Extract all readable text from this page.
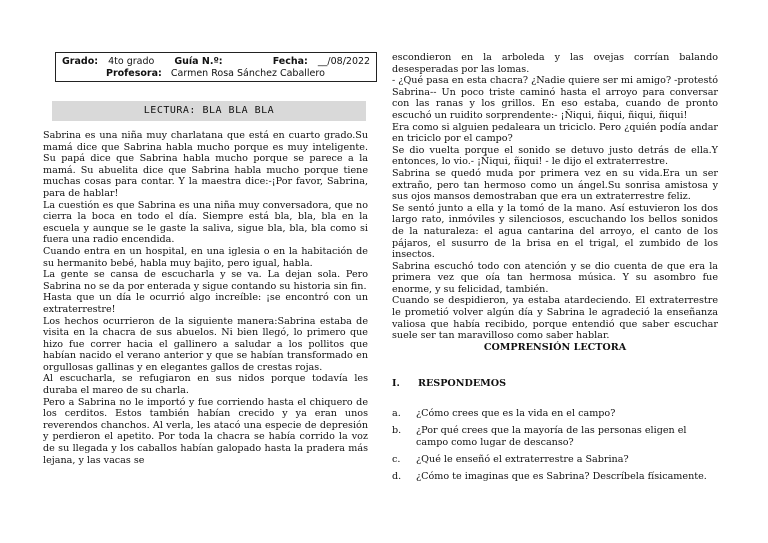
Grado: 4to grado Guía N.º:	Fecha: __/08/2022
Profesora: Carmen Rosa Sánchez Caballero
LECTURA: BLA BLA BLA

Sabrina es una niña muy charlatana que está en cuarto grado.Su mamá dice que Sabrina habla mucho porque es muy inteligente. Su papá dice que Sabrina habla mucho porque se parece a la mamá. Su abuelita dice que Sabrina habla mucho porque tiene muchas cosas para contar. Y la maestra dice:-¡Por favor, Sabrina, para de hablar!

La cuestión es que Sabrina es una niña muy conversadora, que no cierra la boca en todo el día. Siempre está bla, bla, bla en la escuela y aunque se le gaste la saliva, sigue bla, bla, bla como si fuera una radio encendida.

Cuando entra en un hospital, en una iglesia o en la habitación de su hermanito bebé, habla muy bajito, pero igual, habla.

La gente se cansa de escucharla y se va. La dejan sola. Pero Sabrina no se da por enterada y sigue contando su historia sin fin.

Hasta que un día le ocurrió algo increíble: ¡se encontró con un extraterrestre!

Los hechos ocurrieron de la siguiente manera:Sabrina estaba de visita en la chacra de sus abuelos. Ni bien llegó, lo primero que hizo fue correr hacia el gallinero a saludar a los pollitos que habían nacido el verano anterior y que se habían transformado en orgullosas gallinas y en elegantes gallos de crestas rojas.

Al escucharla, se refugiaron en sus nidos porque todavía les duraba el mareo de su charla.

Pero a Sabrina no le importó y fue corriendo hasta el chiquero de los cerditos. Estos también habían crecido y ya eran unos reverendos chanchos. Al verla, les atacó una especie de depresión y perdieron el apetito. Por toda la chacra se había corrido la voz de su llegada y los caballos habían galopado hasta la pradera más lejana, y las vacas se

escondieron en la arboleda y las ovejas corrían balando desesperadas por las lomas.

- ¿Qué pasa en esta chacra? ¿Nadie quiere ser mi amigo? -protestó Sabrina-- Un poco triste caminó hasta el arroyo para conversar con las ranas y los grillos. En eso estaba, cuando de pronto escuchó un ruidito sorprendente:- ¡Ñiqui, ñiqui, ñiqui, ñiqui!

Era como si alguien pedaleara un triciclo. Pero ¿quién podía andar en triciclo por el campo?

Se dio vuelta porque el sonido se detuvo justo detrás de ella.Y entonces, lo vio.- ¡Ñiqui, ñiqui! - le dijo el extraterrestre.

Sabrina se quedó muda por primera vez en su vida.Era un ser extraño, pero tan hermoso como un ángel.Su sonrisa amistosa y sus ojos mansos demostraban que era un extraterrestre feliz.

Se sentó junto a ella y la tomó de la mano. Así estuvieron los dos largo rato, inmóviles y silenciosos, escuchando los bellos sonidos de la naturaleza: el agua cantarina del arroyo, el canto de los pájaros, el susurro de la brisa en el trigal, el zumbido de los insectos.

Sabrina escuchó todo con atención y se dio cuenta de que era la primera vez que oía tan hermosa música. Y su asombro fue enorme, y su felicidad, también.

Cuando se despidieron, ya estaba atardeciendo. El extraterrestre le prometió volver algún día y Sabrina le agradeció la enseñanza valiosa que había recibido, porque entendió que saber escuchar suele ser tan maravilloso como saber hablar.

COMPRENSIÓN LECTORA
I.	RESPONDEMOS
a.	¿Cómo crees que es la vida en el campo?
b.	¿Por qué crees que la mayoría de las personas eligen el campo como lugar de descanso?
c.	¿Qué le enseñó el extraterrestre a Sabrina?
d.	¿Cómo te imaginas que es Sabrina? Descríbela físicamente.
